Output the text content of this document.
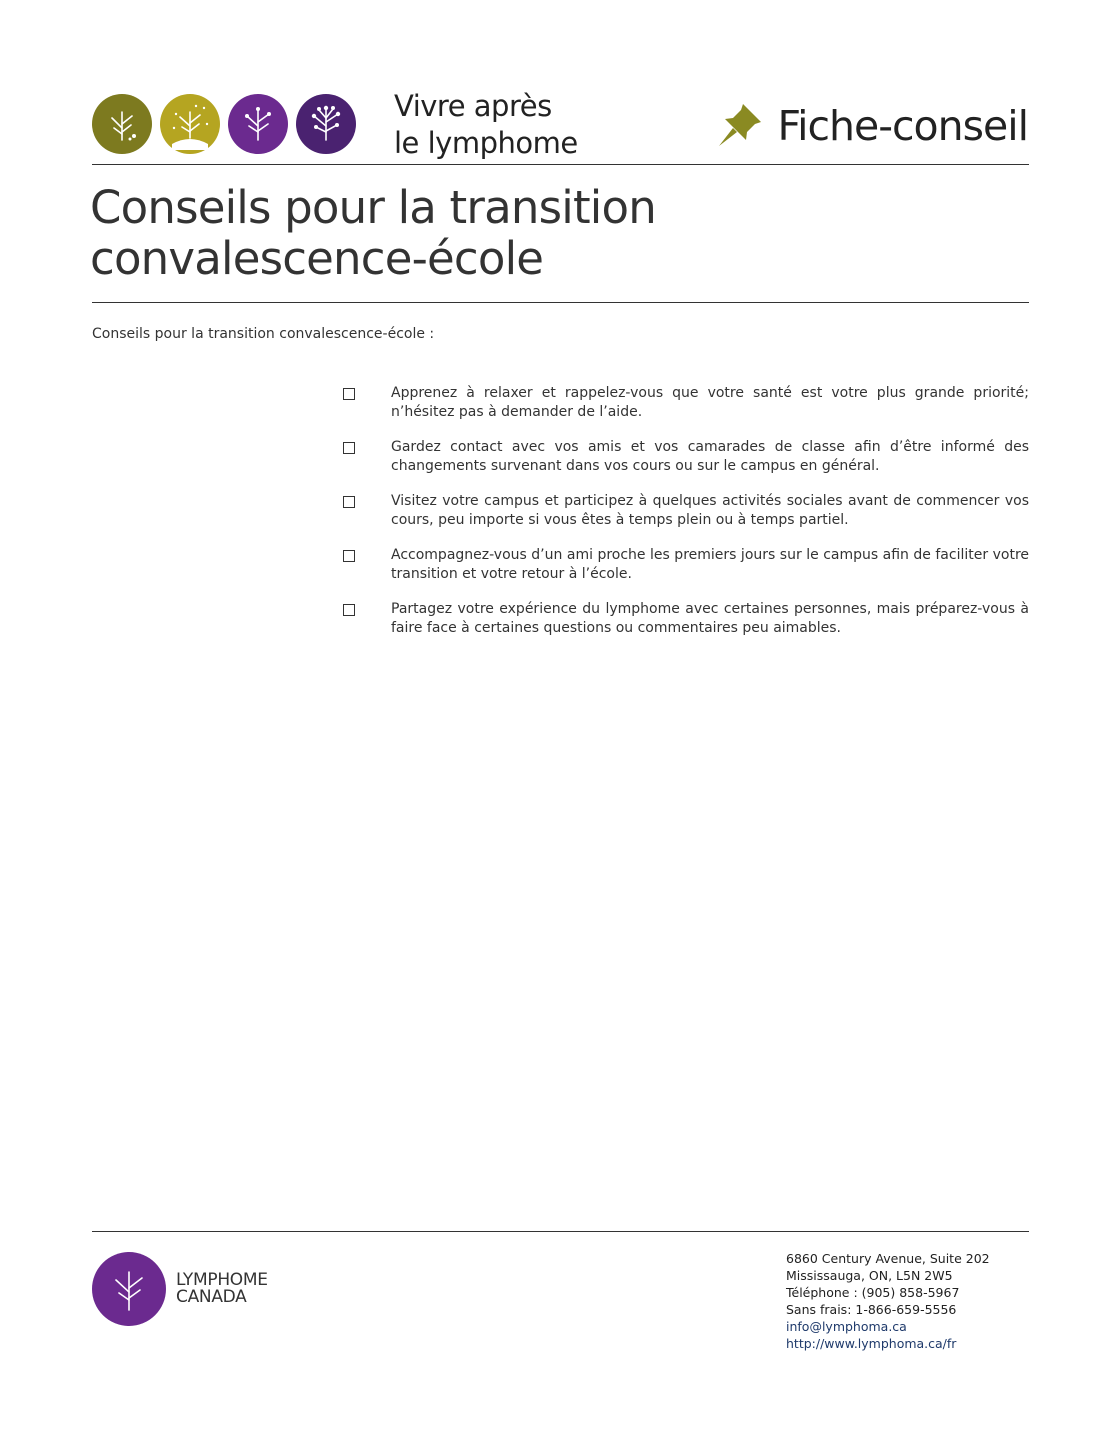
Vivre après
le lymphome	Fiche-conseil
Conseils pour la transition
convalescence-école

Conseils pour la transition convalescence-école :

Apprenez à relaxer et rappelez-vous que votre santé est votre plus grande priorité; n’hésitez pas à demander de l’aide.
Gardez contact avec vos amis et vos camarades de classe afin d’être informé des changements survenant dans vos cours ou sur le campus en général.
Visitez votre campus et participez à quelques activités sociales avant de commencer vos cours, peu importe si vous êtes à temps plein ou à temps partiel.
Accompagnez-vous d’un ami proche les premiers jours sur le campus afin de faciliter votre transition et votre retour à l’école.
Partagez votre expérience du lymphome avec certaines personnes, mais préparez-vous à faire face à certaines questions ou commentaires peu aimables.
LYMPHOME
CANADA
6860 Century Avenue, Suite 202
Mississauga, ON, L5N 2W5
Téléphone : (905) 858-5967
Sans frais: 1-866-659-5556
info@lymphoma.ca
http://www.lymphoma.ca/fr
